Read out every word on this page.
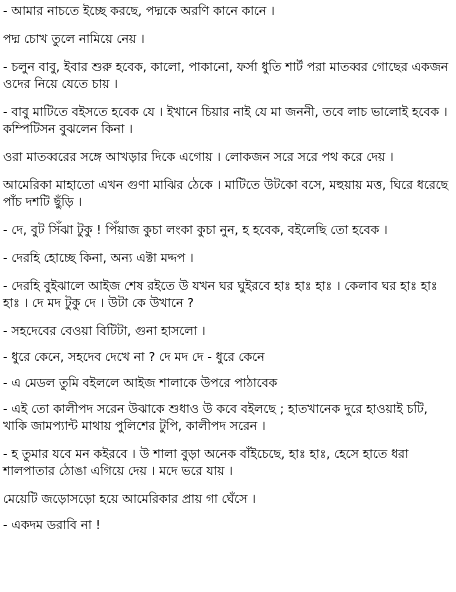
- আমার নাচতে ইচ্ছে করছে, পদ্মকে অরণি কানে কানে ।

পদ্ম চোখ তুলে নামিয়ে নেয় ।

- চলুন বাবু, ইবার শুরু হবেক, কালো, পাকানো, ফর্সা ধুতি শার্ট পরা মাতব্বর গোছের একজন ওদের নিয়ে যেতে চায় ।

- বাবু মাটিতে বইসতে হবেক যে । ইখানে চিয়ার নাই যে মা জননী, তবে লাচ ভালোই হবেক । কম্পিটিসন বুঝলেন কিনা ।

ওরা মাতব্বরের সঙ্গে আখড়ার দিকে এগোয় । লোকজন সরে সরে পথ করে দেয় ।

আমেরিকা মাহাতো এখন গুণা মাঝির ঠেকে । মাটিতে উটকো বসে, মহুয়ায় মত্ত, ঘিরে ধরেছে পাঁচ দশটি ছুঁড়ি ।

- দে, বুট সিঁঝা টুকু ! পিঁয়াজ কুচা লংকা কুচা নুন, হ হবেক, বইলেছি তো হবেক ।

- দেরহি হোচ্ছে কিনা, অন্য এক্টা মদ্দপ ।

- দেরহি বুইঝালে আইজ শেষ রইতে উ যখন ঘর ঘুইরবে হাঃ হাঃ হাঃ । কেলাব ঘর হাঃ হাঃ হাঃ । দে মদ টুকু দে । উটা কে উখানে ?

- সহদেবের বেওয়া বিটিটা, গুনা হাসলো ।

- ধুরে কেনে, সহদেব দেখে না ? দে মদ দে - ধুরে কেনে

- এ মেডল তুমি বইললে আইজ শালাকে উপরে পাঠাবেক

- এই তো কালীপদ সরেন উঝাকে শুধাও উ কবে বইলছে ; হাতখানেক দুরে হাওয়াই চটি, খাকি জামপ্যান্ট মাথায় পুলিশের টুপি, কালীপদ সরেন ।

- হ তুমার যবে মন কইরবে । উ শালা বুড়া অনেক বাঁইচেছে, হাঃ হাঃ, হেসে হাতে ধরা শালপাতার ঠোঙা এগিয়ে দেয় । মদে ভরে যায় ।

মেয়েটি জড়োসড়ো হয়ে আমেরিকার প্রায় গা ঘেঁসে ।

- একদম ডরাবি না !
